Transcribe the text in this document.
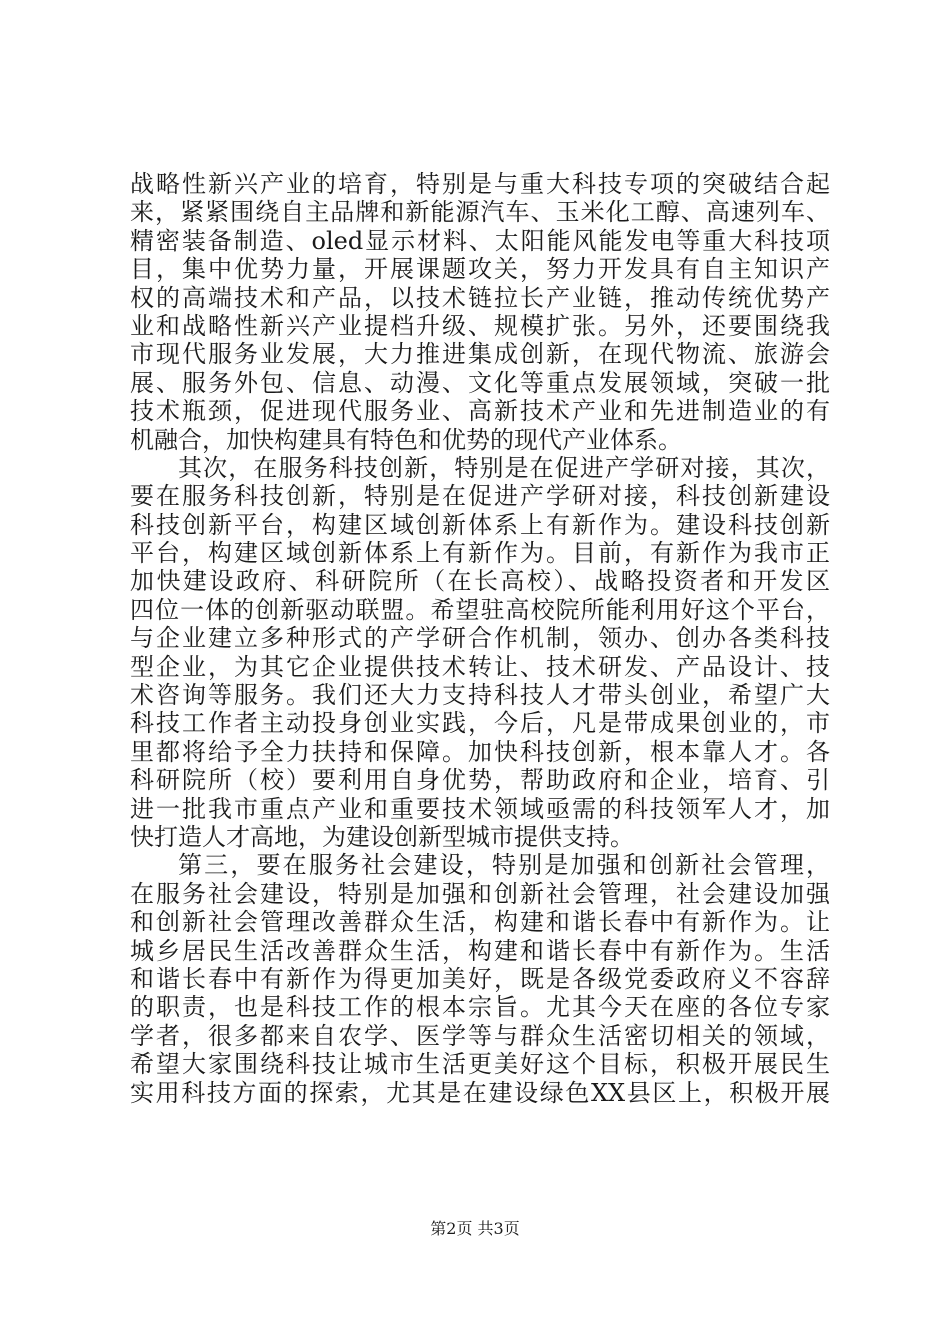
战略性新兴产业的培育，特别是与重大科技专项的突破结合起
来，紧紧围绕自主品牌和新能源汽车、玉米化工醇、高速列车、
精密装备制造、oled显示材料、太阳能风能发电等重大科技项
目，集中优势力量，开展课题攻关，努力开发具有自主知识产
权的高端技术和产品，以技术链拉长产业链，推动传统优势产
业和战略性新兴产业提档升级、规模扩张。另外，还要围绕我
市现代服务业发展，大力推进集成创新，在现代物流、旅游会
展、服务外包、信息、动漫、文化等重点发展领域，突破一批
技术瓶颈，促进现代服务业、高新技术产业和先进制造业的有
机融合，加快构建具有特色和优势的现代产业体系。
其次，在服务科技创新，特别是在促进产学研对接，其次，
要在服务科技创新，特别是在促进产学研对接，科技创新建设
科技创新平台，构建区域创新体系上有新作为。建设科技创新
平台，构建区域创新体系上有新作为。目前，有新作为我市正
加快建设政府、科研院所（在长高校）、战略投资者和开发区
四位一体的创新驱动联盟。希望驻高校院所能利用好这个平台，
与企业建立多种形式的产学研合作机制，领办、创办各类科技
型企业，为其它企业提供技术转让、技术研发、产品设计、技
术咨询等服务。我们还大力支持科技人才带头创业，希望广大
科技工作者主动投身创业实践，今后，凡是带成果创业的，市
里都将给予全力扶持和保障。加快科技创新，根本靠人才。各
科研院所（校）要利用自身优势，帮助政府和企业，培育、引
进一批我市重点产业和重要技术领域亟需的科技领军人才，加
快打造人才高地，为建设创新型城市提供支持。
第三，要在服务社会建设，特别是加强和创新社会管理，
在服务社会建设，特别是加强和创新社会管理，社会建设加强
和创新社会管理改善群众生活，构建和谐长春中有新作为。让
城乡居民生活改善群众生活，构建和谐长春中有新作为。生活
和谐长春中有新作为得更加美好，既是各级党委政府义不容辞
的职责，也是科技工作的根本宗旨。尤其今天在座的各位专家
学者，很多都来自农学、医学等与群众生活密切相关的领域，
希望大家围绕科技让城市生活更美好这个目标，积极开展民生
实用科技方面的探索，尤其是在建设绿色XX县区上，积极开展
第2页 共3页
